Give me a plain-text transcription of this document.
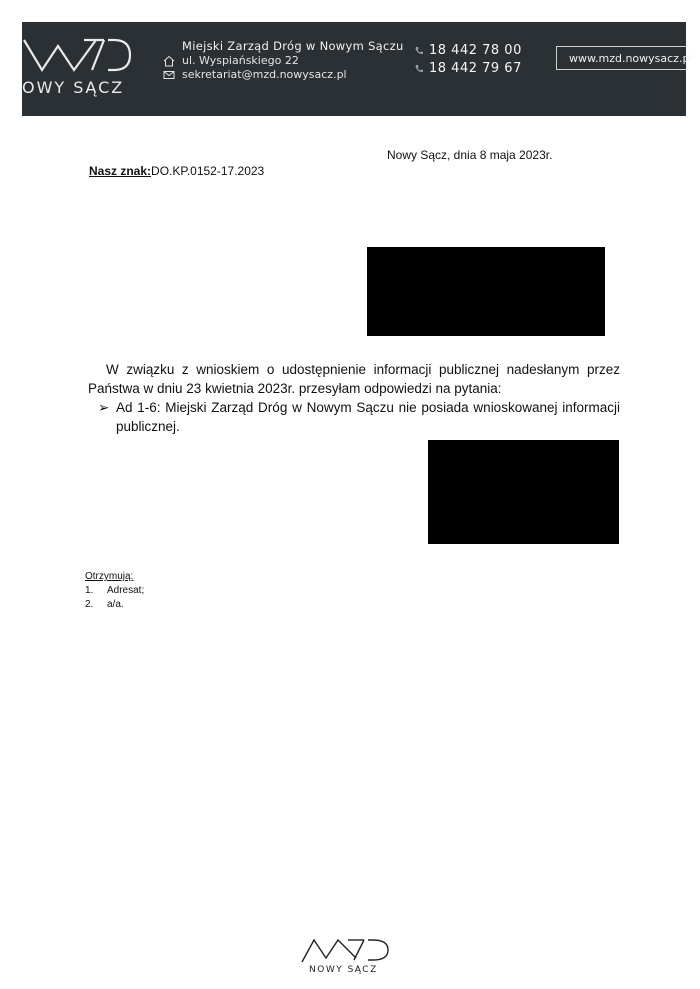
OWY SĄCZ
Miejski Zarząd Dróg w Nowym Sączu
ul. Wyspiańskiego 22
sekretariat@mzd.nowysacz.pl
18 442 78 00
18 442 79 67
www.mzd.nowysacz.pl
Nasz znak:DO.KP.0152-17.2023
Nowy Sącz, dnia 8 maja 2023r.

W związku z wnioskiem o udostępnienie informacji publicznej nadesłanym przez Państwa w dniu 23 kwietnia 2023r. przesyłam odpowiedzi na pytania:

➢ Ad 1-6: Miejski Zarząd Dróg w Nowym Sączu nie posiada wnioskowanej informacji publicznej.
Otrzymują:
1.	Adresat;
2.	a/a.
NOWY SĄCZ
